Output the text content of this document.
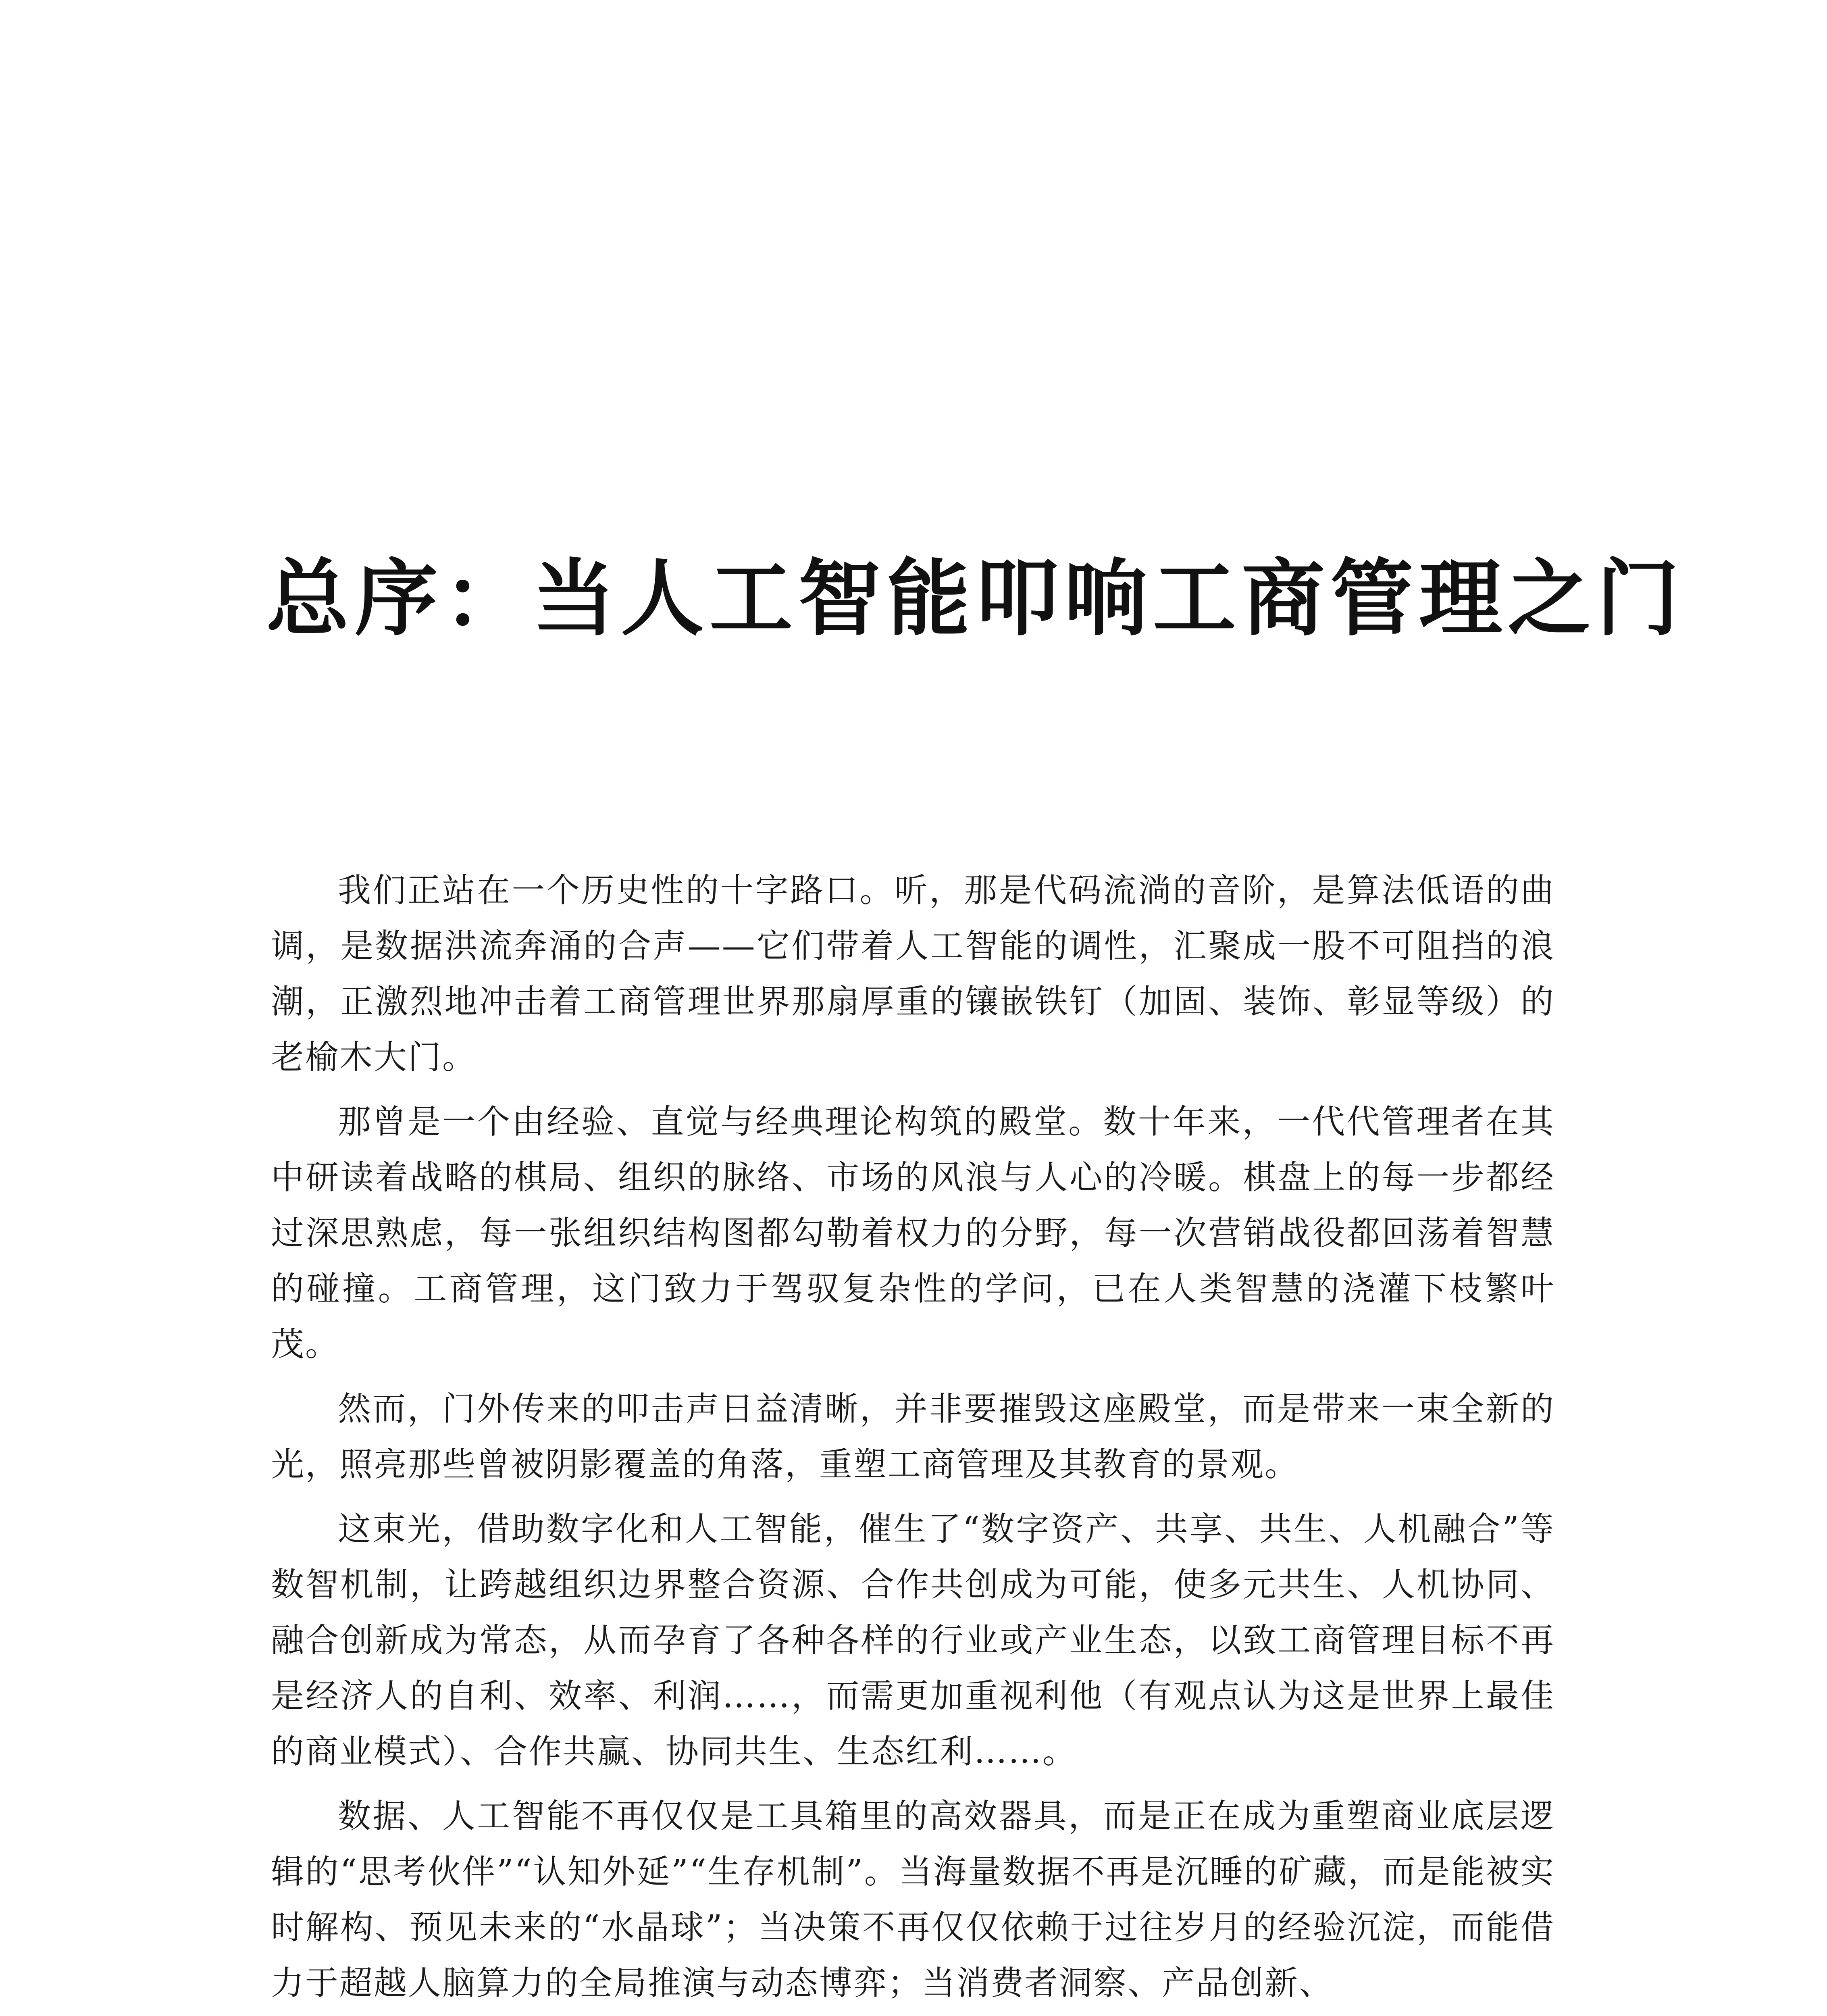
总序：当人工智能叩响工商管理之门

我们正站在一个历史性的十字路口。听，那是代码流淌的音阶，是算法低语的曲调，是数据洪流奔涌的合声——它们带着人工智能的调性，汇聚成一股不可阻挡的浪潮，正激烈地冲击着工商管理世界那扇厚重的镶嵌铁钉（加固、装饰、彰显等级）的老榆木大门。

那曾是一个由经验、直觉与经典理论构筑的殿堂。数十年来，一代代管理者在其中研读着战略的棋局、组织的脉络、市场的风浪与人心的冷暖。棋盘上的每一步都经过深思熟虑，每一张组织结构图都勾勒着权力的分野，每一次营销战役都回荡着智慧的碰撞。工商管理，这门致力于驾驭复杂性的学问，已在人类智慧的浇灌下枝繁叶茂。

然而，门外传来的叩击声日益清晰，并非要摧毁这座殿堂，而是带来一束全新的光，照亮那些曾被阴影覆盖的角落，重塑工商管理及其教育的景观。

这束光，借助数字化和人工智能，催生了“数字资产、共享、共生、人机融合”等数智机制，让跨越组织边界整合资源、合作共创成为可能，使多元共生、人机协同、融合创新成为常态，从而孕育了各种各样的行业或产业生态，以致工商管理目标不再是经济人的自利、效率、利润……，而需更加重视利他（有观点认为这是世界上最佳的商业模式）、合作共赢、协同共生、生态红利……。

数据、人工智能不再仅仅是工具箱里的高效器具，而是正在成为重塑商业底层逻辑的“思考伙伴”“认知外延”“生存机制”。当海量数据不再是沉睡的矿藏，而是能被实时解构、预见未来的“水晶球”；当决策不再仅仅依赖于过往岁月的经验沉淀，而能借力于超越人脑算力的全局推演与动态博弈；当消费者洞察、产品创新、
